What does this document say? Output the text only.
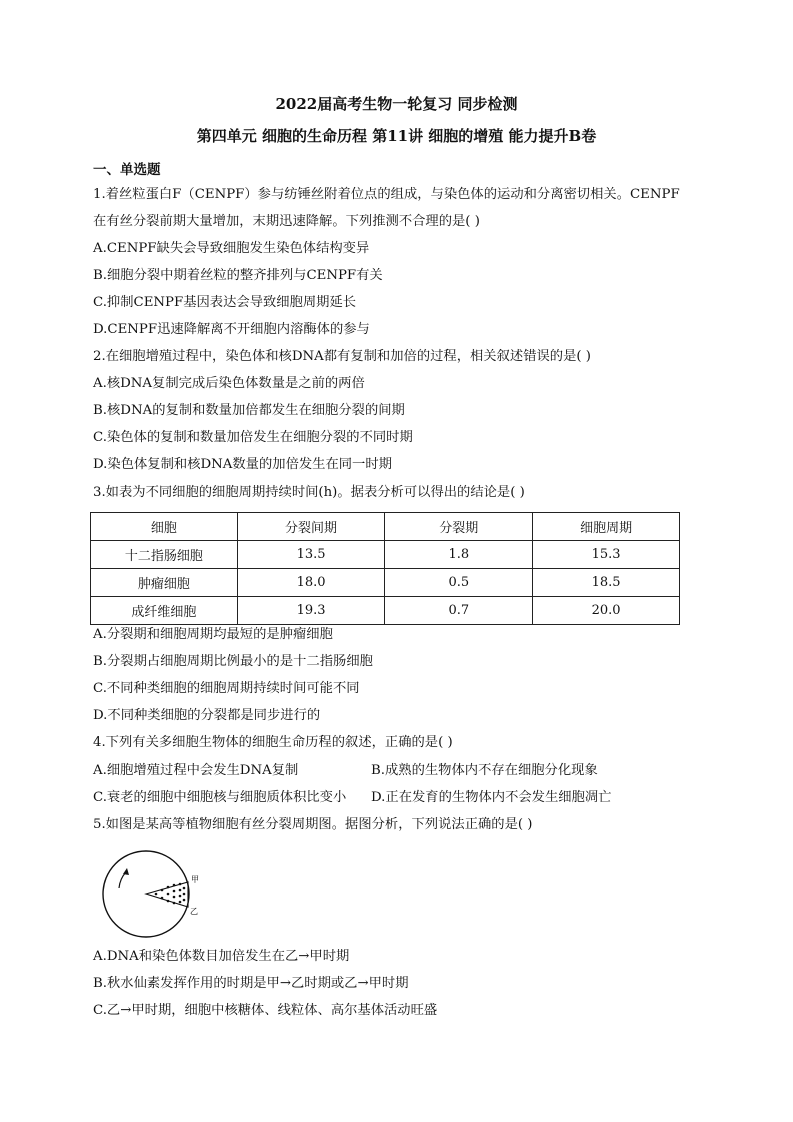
2022届高考生物一轮复习 同步检测
第四单元 细胞的生命历程 第11讲 细胞的增殖 能力提升B卷
一、单选题
1.着丝粒蛋白F（CENPF）参与纺锤丝附着位点的组成，与染色体的运动和分离密切相关。CENPF
在有丝分裂前期大量增加，末期迅速降解。下列推测不合理的是( )
A.CENPF缺失会导致细胞发生染色体结构变异
B.细胞分裂中期着丝粒的整齐排列与CENPF有关
C.抑制CENPF基因表达会导致细胞周期延长
D.CENPF迅速降解离不开细胞内溶酶体的参与
2.在细胞增殖过程中，染色体和核DNA都有复制和加倍的过程，相关叙述错误的是( )
A.核DNA复制完成后染色体数量是之前的两倍
B.核DNA的复制和数量加倍都发生在细胞分裂的间期
C.染色体的复制和数量加倍发生在细胞分裂的不同时期
D.染色体复制和核DNA数量的加倍发生在同一时期
3.如表为不同细胞的细胞周期持续时间(h)。据表分析可以得出的结论是( )
细胞	分裂间期	分裂期	细胞周期
十二指肠细胞	13.5	1.8	15.3
肿瘤细胞	18.0	0.5	18.5
成纤维细胞	19.3	0.7	20.0
A.分裂期和细胞周期均最短的是肿瘤细胞
B.分裂期占细胞周期比例最小的是十二指肠细胞
C.不同种类细胞的细胞周期持续时间可能不同
D.不同种类细胞的分裂都是同步进行的
4.下列有关多细胞生物体的细胞生命历程的叙述，正确的是( )
A.细胞增殖过程中会发生DNA复制	B.成熟的生物体内不存在细胞分化现象
C.衰老的细胞中细胞核与细胞质体积比变小 D.正在发育的生物体内不会发生细胞凋亡
5.如图是某高等植物细胞有丝分裂周期图。据图分析，下列说法正确的是( )
甲
乙
A.DNA和染色体数目加倍发生在乙→甲时期
B.秋水仙素发挥作用的时期是甲→乙时期或乙→甲时期
C.乙→甲时期，细胞中核糖体、线粒体、高尔基体活动旺盛
